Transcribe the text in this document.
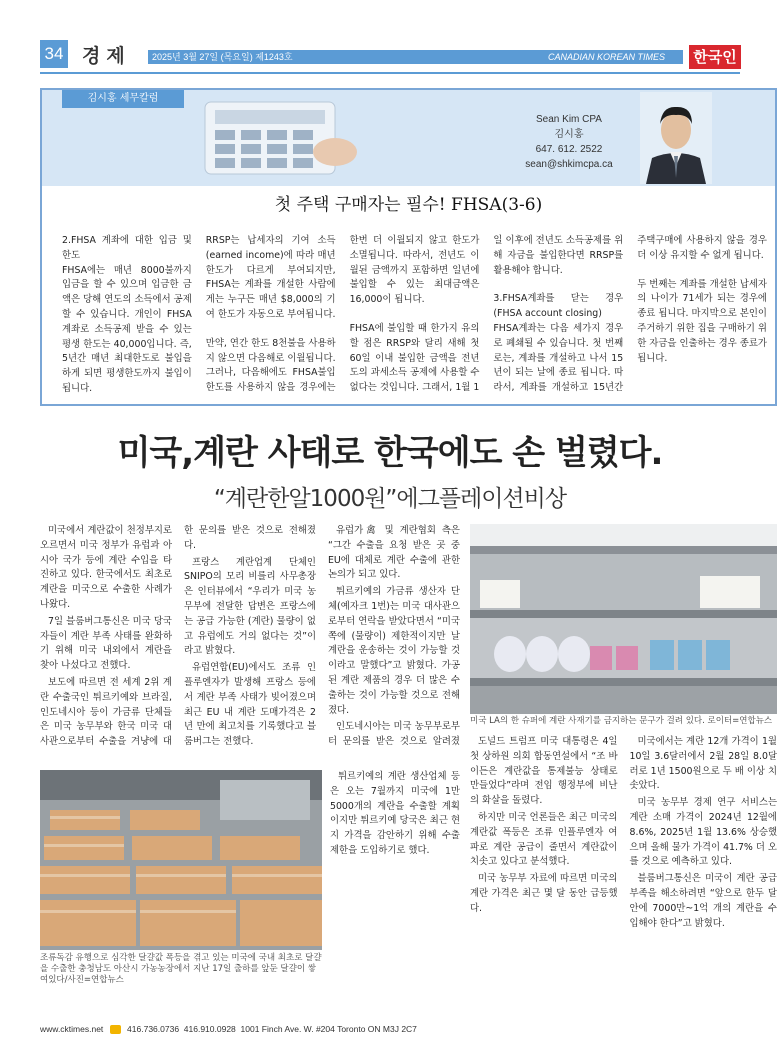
34 경제 2025년 3월 27일 (목요일) 제1243호	CANADIAN KOREAN TIMES 한국인
김시홍 세무칼럼
Sean Kim CPA
김시홍
647. 612. 2522
sean@shkimcpa.ca
첫 주택 구매자는 필수! FHSA(3-6)

2.FHSA 계좌에 대한 입금 및 한도

FHSA에는 매년 8000불까지 입금을 할 수 있으며 입금한 금액은 당해 연도의 소득에서 공제할 수 있습니다. 개인이 FHSA계좌로 소득공제 받을 수 있는 평생 한도는 40,000입니다. 즉, 5년간 매년 최대한도로 불입을 하게 되면 평생한도까지 불입이 됩니다.

RRSP는 납세자의 기여 소득(earned income)에 따라 매년 한도가 다르게 부여되지만, FHSA는 계좌를 개설한 사람에게는 누구든 매년 $8,000의 기여 한도가 자동으로 부여됩니다.

만약, 연간 한도 8천불을 사용하지 않으면 다음해로 이월됩니다. 그러나, 다음해에도 FHSA불입 한도를 사용하지 않을 경우에는 한번 더 이월되지 않고 한도가 소멸됩니다. 따라서, 전년도 이월된 금액까지 포함하면 일년에 불입할 수 있는 최대금액은 16,000이 됩니다.

FHSA에 불입할 때 한가지 유의할 점은 RRSP와 달리 새해 첫 60일 이내 불입한 금액을 전년도의 과세소득 공제에 사용할 수 없다는 것입니다. 그래서, 1월 1일 이후에 전년도 소득공제를 위해 자금을 불입한다면 RRSP를 활용해야 합니다.

3.FHSA계좌를 닫는 경우 (FHSA account closing)

FHSA계좌는 다음 세가지 경우로 폐쇄될 수 있습니다. 첫 번째로는, 계좌를 개설하고 나서 15년이 되는 날에 종료 됩니다. 따라서, 계좌를 개설하고 15년간 주택구매에 사용하지 않을 경우 더 이상 유지할 수 없게 됩니다.

두 번째는 계좌를 개설한 납세자의 나이가 71세가 되는 경우에 종료 됩니다. 마지막으로 본인이 주거하기 위한 집을 구매하기 위한 자금을 인출하는 경우 종료가 됩니다.

미국,계란 사태로 한국에도 손 벌렸다.
“계란한알1000원”에그플레이션비상

미국에서 계란값이 천정부지로 오르면서 미국 정부가 유럽과 아시아 국가 등에 계란 수입을 타진하고 있다. 한국에서도 최초로 계란을 미국으로 수출한 사례가 나왔다.

7일 블룸버그통신은 미국 당국자들이 계란 부족 사태를 완화하기 위해 미국 내외에서 계란을 찾아 나섰다고 전했다.

보도에 따르면 전 세계 2위 계란 수출국인 튀르키예와 브라질, 인도네시아 등이 가금류 단체들은 미국 농무부와 한국 미국 대사관으로부터 수출을 겨냥에 대한 문의를 받은 것으로 전해졌다.

프랑스 계란업계 단체인 SNIPO의 모리 비를리 사무총장은 인터뷰에서 “우리가 미국 농무부에 전달한 답변은 프랑스에는 공급 가능한 (계란) 물량이 없고 유럽에도 거의 없다는 것”이라고 밝혔다.

유럽연합(EU)에서도 조류 인플루엔자가 발생해 프랑스 등에서 계란 부족 사태가 빚어졌으며 최근 EU 내 계란 도매가격은 2년 만에 최고치를 기록했다고 블룸버그는 전했다.

유럽가禽 및 계란협회 측은 “그간 수출을 요청 받은 곳 중 EU에 대체로 계란 수출에 관한 논의가 되고 있다.

튀르키예의 가금류 생산자 단체(예자크 1번)는 미국 대사관으로부터 연락을 받았다면서 “미국 쪽에 (물량이) 제한적이지만 날계란을 운송하는 것이 가능할 것이라고 말했다”고 밝혔다. 가공된 계란 제품의 경우 더 많은 수출하는 것이 가능할 것으로 전해졌다.

인도네시아는 미국 농무부로부터 문의를 받은 것으로 알려졌

미국 LA의 한 슈퍼에 계란 사재기를 금지하는 문구가 걸려 있다. 로이터=연합뉴스
조류독감 유행으로 심각한 달걀값 폭등을 겪고 있는 미국에 국내 최초로 달걀을 수출한 충청남도 아산시 가농농장에서 지난 17일 출하를 앞둔 달걀이 쌓여있다/사진=연합뉴스

튀르키예의 계란 생산업체 등은 오는 7월까지 미국에 1만5000개의 계란을 수출할 계획이지만 튀르키예 당국은 최근 현지 가격을 감안하기 위해 수출 제한을 도입하기로 했다.

도널드 트럼프 미국 대통령은 4일 첫 상하원 의회 합동연설에서 “조 바이든은 계란값을 통제불능 상태로 만들었다”라며 전임 행정부에 비난의 화살을 돌렸다.

하지만 미국 언론들은 최근 미국의 계란값 폭등은 조류 인플루엔자 여파로 계란 공급이 줄면서 계란값이 치솟고 있다고 분석했다.

미국 농무부 자료에 따르면 미국의 계란 가격은 최근 몇 달 동안 급등했다.

미국에서는 계란 12개 가격이 1월 10일 3.6달러에서 2월 28일 8.0달러로 1년 1500원으로 두 배 이상 치솟았다.

미국 농무부 경제 연구 서비스는 계란 소매 가격이 2024년 12월에 8.6%, 2025년 1월 13.6% 상승했으며 올해 물가 가격이 41.7% 더 오를 것으로 예측하고 있다.

블룸버그통신은 미국이 계란 공급 부족을 해소하려면 “앞으로 한두 달 안에 7000만~1억 개의 계란을 수입해야 한다”고 밝혔다.

www.cktimes.net	416.736.0736 416.910.0928 1001 Finch Ave. W. #204 Toronto ON M3J 2C7
